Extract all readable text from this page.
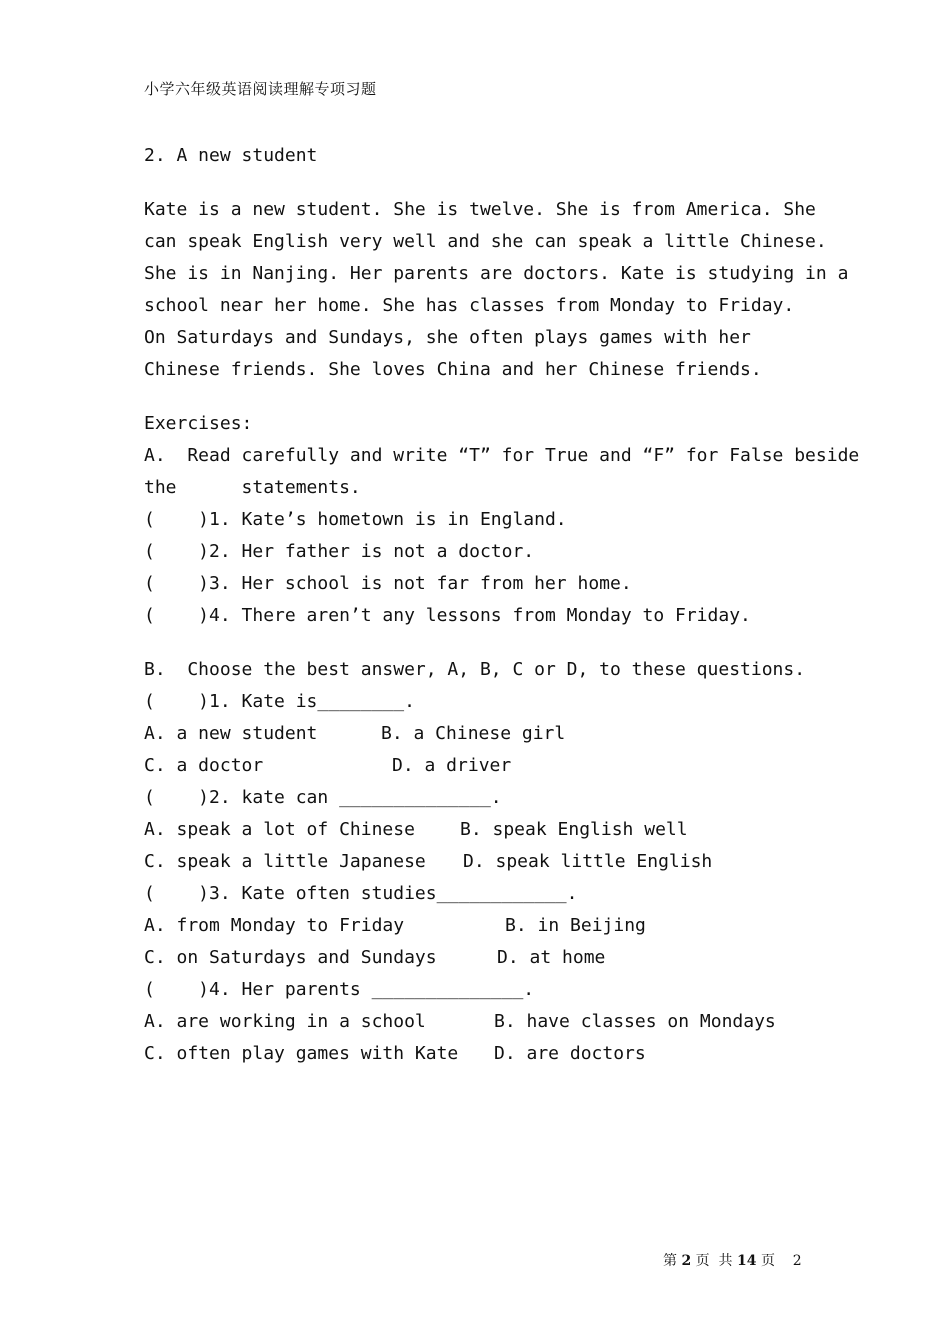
小学六年级英语阅读理解专项习题
2. A new student
Kate is a new student. She is twelve. She is from America. She
can speak English very well and she can speak a little Chinese.
She is in Nanjing. Her parents are doctors. Kate is studying in a
school near her home. She has classes from Monday to Friday.
On Saturdays and Sundays, she often plays games with her
Chinese friends. She loves China and her Chinese friends.
Exercises:
A.  Read carefully and write “T” for True and “F” for False beside
the      statements.
(    )1. Kate’s hometown is in England.
(    )2. Her father is not a doctor.
(    )3. Her school is not far from her home.
(    )4. There aren’t any lessons from Monday to Friday.
B.  Choose the best answer, A, B, C or D, to these questions.
(    )1. Kate is________.
A. a new student	B. a Chinese girl
C. a doctor	D. a driver
(    )2. kate can ______________.
A. speak a lot of Chinese	B. speak English well
C. speak a little Japanese D. speak little English
(    )3. Kate often studies____________.
A. from Monday to Friday	B. in Beijing
C. on Saturdays and Sundays	D. at home
(    )4. Her parents ______________.
A. are working in a school	B. have classes on Mondays
C. often play games with Kate D. are doctors
第 2 页  共 14 页 2
